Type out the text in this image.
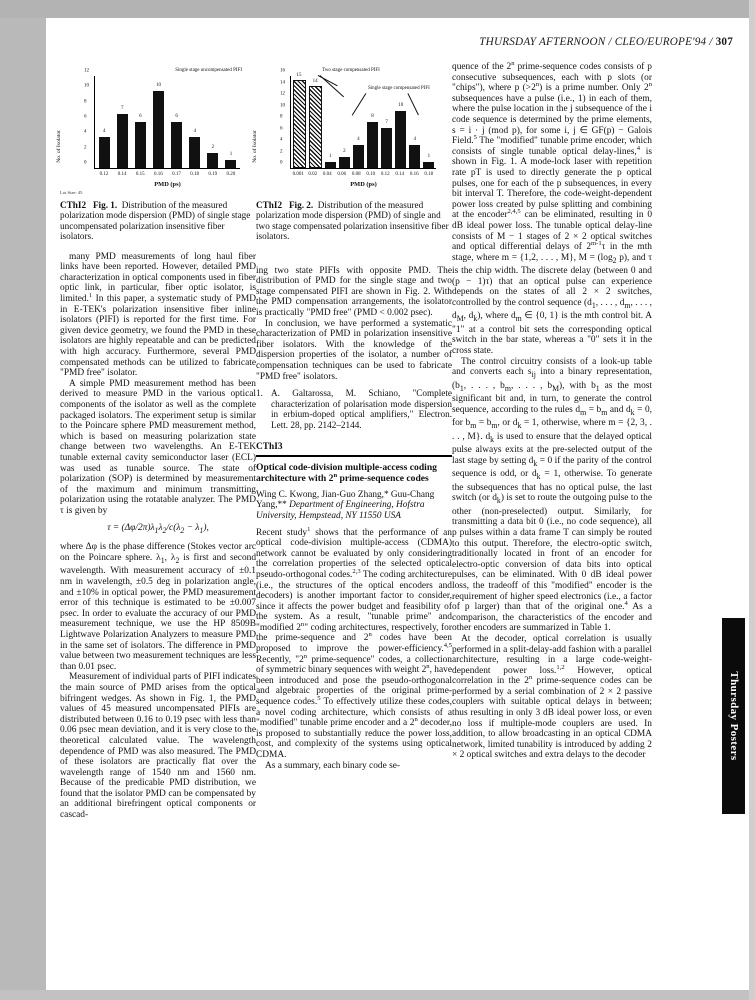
THURSDAY AFTERNOON / CLEO/EUROPE'94 / 307
No. of Isolator
0
2
4
6
8
10
12
4
7
6
10
6
4
2
1
0.12 0.14 0.15 0.16 0.17 0.18 0.19 0.20
PMD (ps)
Single stage uncompensated PIFI
Lot Size: 45
CThI2 Fig. 1. Distribution of the measured polarization mode dispersion (PMD) of single stage uncompensated polarization insensitive fiber isolators.

many PMD measurements of long haul fiber links have been reported. However, detailed PMD characterization in optical components used in fiber optic link, in particular, fiber optic isolator, is limited.$^1$ In this paper, a systematic study of PMD in E-TEK's polarization insensitive fiber inline isolators (PIFI) is reported for the first time. For given device geometry, we found the PMD in these isolators are highly repeatable and can be predicted with high accuracy. Furthermore, several PMD compensated methods can be utilized to fabricate "PMD free" isolator.

A simple PMD measurement method has been derived to measure PMD in the various optical components of the isolator as well as the complete packaged isolators. The experiment setup is similar to the Poincare sphere PMD measurement method, which is based on measuring polarization state change between two wavelengths. An E-TEK tunable external cavity semiconductor laser (ECL) was used as tunable source. The state of polarization (SOP) is determined by measurement of the maximum and minimum transmitting polarization using the rotatable analyzer. The PMD τ is given by

$\tau = (\Delta\varphi/2\pi)\lambda_1\lambda_2/c(\lambda_2 - \lambda_1)$,

where Δφ is the phase difference (Stokes vector arc on the Poincare sphere. $\lambda_1$, $\lambda_2$ is first and second wavelength. With measurement accuracy of ±0.1 nm in wavelength, ±0.5 deg in polarization angle, and ±10% in optical power, the PMD measurement error of this technique is estimated to be ±0.007 psec. In order to evaluate the accuracy of our PMD measurement technique, we use the HP 8509B Lightwave Polarization Analyzers to measure PMD in the same set of isolators. The difference in PMD value between two measurement techniques are less than 0.01 psec.

Measurement of individual parts of PIFI indicates the main source of PMD arises from the optical bifringent wedges. As shown in Fig. 1, the PMD values of 45 measured uncompensated PIFIs are distributed between 0.16 to 0.19 psec with less than 0.06 psec mean deviation, and it is very close to the theoretical calculated value. The wavelength dependence of PMD was also measured. The PMD of these isolators are practically flat over the wavelength range of 1540 nm and 1560 nm. Because of the predicable PMD distribution, we found that the isolator PMD can be compensated by an additional birefringent optical components or cascad-

No. of Isolator
0
2
4
6
8
10
12
14
16
15
14
1
2
4
8
7
10
4
1
0.001 0.02 0.04 0.06 0.08 0.10 0.12 0.14 0.16 0.18
PMD (ps)
Two stage compensated PIFI
Single stage compensated PIFI
CThI2 Fig. 2. Distribution of the measured polarization mode dispersion (PMD) of single and two stage compensated polarization insensitive fiber isolators.

ing two state PIFIs with opposite PMD. The distribution of PMD for the single stage and two stage compensated PIFI are shown in Fig. 2. With the PMD compensation arrangements, the isolator is practically "PMD free" (PMD < 0.002 psec).

In conclusion, we have performed a systematic characterization of PMD in polarization insensitive fiber isolators. With the knowledge of the dispersion properties of the isolator, a number of compensation techniques can be used to fabricate "PMD free" isolators.

1. A. Galtarossa, M. Schiano, "Complete characterization of polarisation mode dispersion in erbium-doped optical amplifiers," Electron. Lett. 28, pp. 2142–2144.
CThI3
Optical code-division multiple-access coding architecture with 2$^n$ prime-sequence codes
Wing C. Kwong, Jian-Guo Zhang,* Guu-Chang Yang,** Department of Engineering, Hofstra University, Hempstead, NY 11550 USA

Recent study$^1$ shows that the performance of an optical code-division multiple-access (CDMA) network cannot be evaluated by only considering the correlation properties of the selected optical pseudo-orthogonal codes.$^{2,3}$ The coding architecture (i.e., the structures of the optical encoders and decoders) is another important factor to consider, since it affects the power budget and feasibility of the system. As a result, "tunable prime" and "modified 2$^n$" coding architectures, respectively, for the prime-sequence and 2$^n$ codes have been proposed to improve the power-efficiency.$^{4,5}$ Recently, "2$^n$ prime-sequence" codes, a collection of symmetric binary sequences with weight 2$^n$, have been introduced and pose the pseudo-orthogonal and algebraic properties of the original prime-sequence codes.$^5$ To effectively utilize these codes, a novel coding architecture, which consists of a "modified" tunable prime encoder and a 2$^n$ decoder, is proposed to substantially reduce the power loss, cost, and complexity of the systems using optical CDMA.

As a summary, each binary code se-

quence of the 2$^n$ prime-sequence codes consists of p consecutive subsequences, each with p slots (or "chips"), where p $(>2^n)$ is a prime number. Only 2$^n$ subsequences have a pulse (i.e., 1) in each of them, where the pulse location in the j subsequence of the i code sequence is determined by the prime elements, s = i · j (mod p), for some i, j ∈ GF(p) − Galois Field.$^5$ The "modified" tunable prime encoder, which consists of single tunable optical delay-lines,$^4$ is shown in Fig. 1. A mode-lock laser with repetition rate pT is used to directly generate the p optical pulses, one for each of the p subsequences, in every bit interval T. Therefore, the code-weight-dependent power loss created by pulse splitting and combining at the encoder$^{2,4,5}$ can be eliminated, resulting in 0 dB ideal power loss. The tunable optical delay-line consists of M − 1 stages of 2 × 2 optical switches and optical differential delays of 2$^{m-1}$τ in the mth stage, where m = {1,2, . . . , M}, $M = (\log_2$ p), and τ is the chip width. The discrete delay (between 0 and (p − 1)τ) that an optical pulse can experience depends on the states of all 2 × 2 switches, controlled by the control sequence ($d_1$, . . . , $d_m$, . . . , $d_M$, $d_k$), where $d_m$ ∈ {0, 1} is the mth control bit. A "1" at a control bit sets the corresponding optical switch in the bar state, whereas a "0" sets it in the cross state.

The control circuitry consists of a look-up table and converts each $s_{ij}$ into a binary representation, ($b_1$, . . . , $b_m$, . . . , $b_M$), with $b_1$ as the most significant bit and, in turn, to generate the control sequence, according to the rules $d_m = b_m$ and $d_k = 0$, for $b_m = b_m$, or $d_k = 1$, otherwise, where m = {2, 3, . . . , M}. $d_k$ is used to ensure that the delayed optical pulse always exits at the pre-selected output of the last stage by setting $d_k = 0$ if the parity of the control sequence is odd, or $d_k = 1$, otherwise. To generate the subsequences that has no optical pulse, the last switch (or $d_k$) is set to route the outgoing pulse to the other (non-preselected) output. Similarly, for transmitting a data bit 0 (i.e., no code sequence), all p pulses within a data frame T can simply be routed to this output. Therefore, the electro-optic switch, traditionally located in front of an encoder for electro-optic conversion of data bits into optical pulses, can be eliminated. With 0 dB ideal power loss, the tradeoff of this "modified" encoder is the requirement of higher speed electronics (i.e., a factor of p larger) than that of the original one.$^4$ As a comparison, the characteristics of the encoder and other encoders are summarized in Table 1.

At the decoder, optical correlation is usually performed in a split-delay-add fashion with a parallel architecture, resulting in a large code-weight-dependent power loss.$^{1,2}$ However, optical correlation in the 2$^n$ prime-sequence codes can be performed by a serial combination of 2 × 2 passive couplers with suitable optical delays in between; thus resulting in only 3 dB ideal power loss, or even no loss if multiple-mode couplers are used. In addition, to allow broadcasting in an optical CDMA network, limited tunability is introduced by adding 2 × 2 optical switches and extra delays to the decoder	Thursday Posters
